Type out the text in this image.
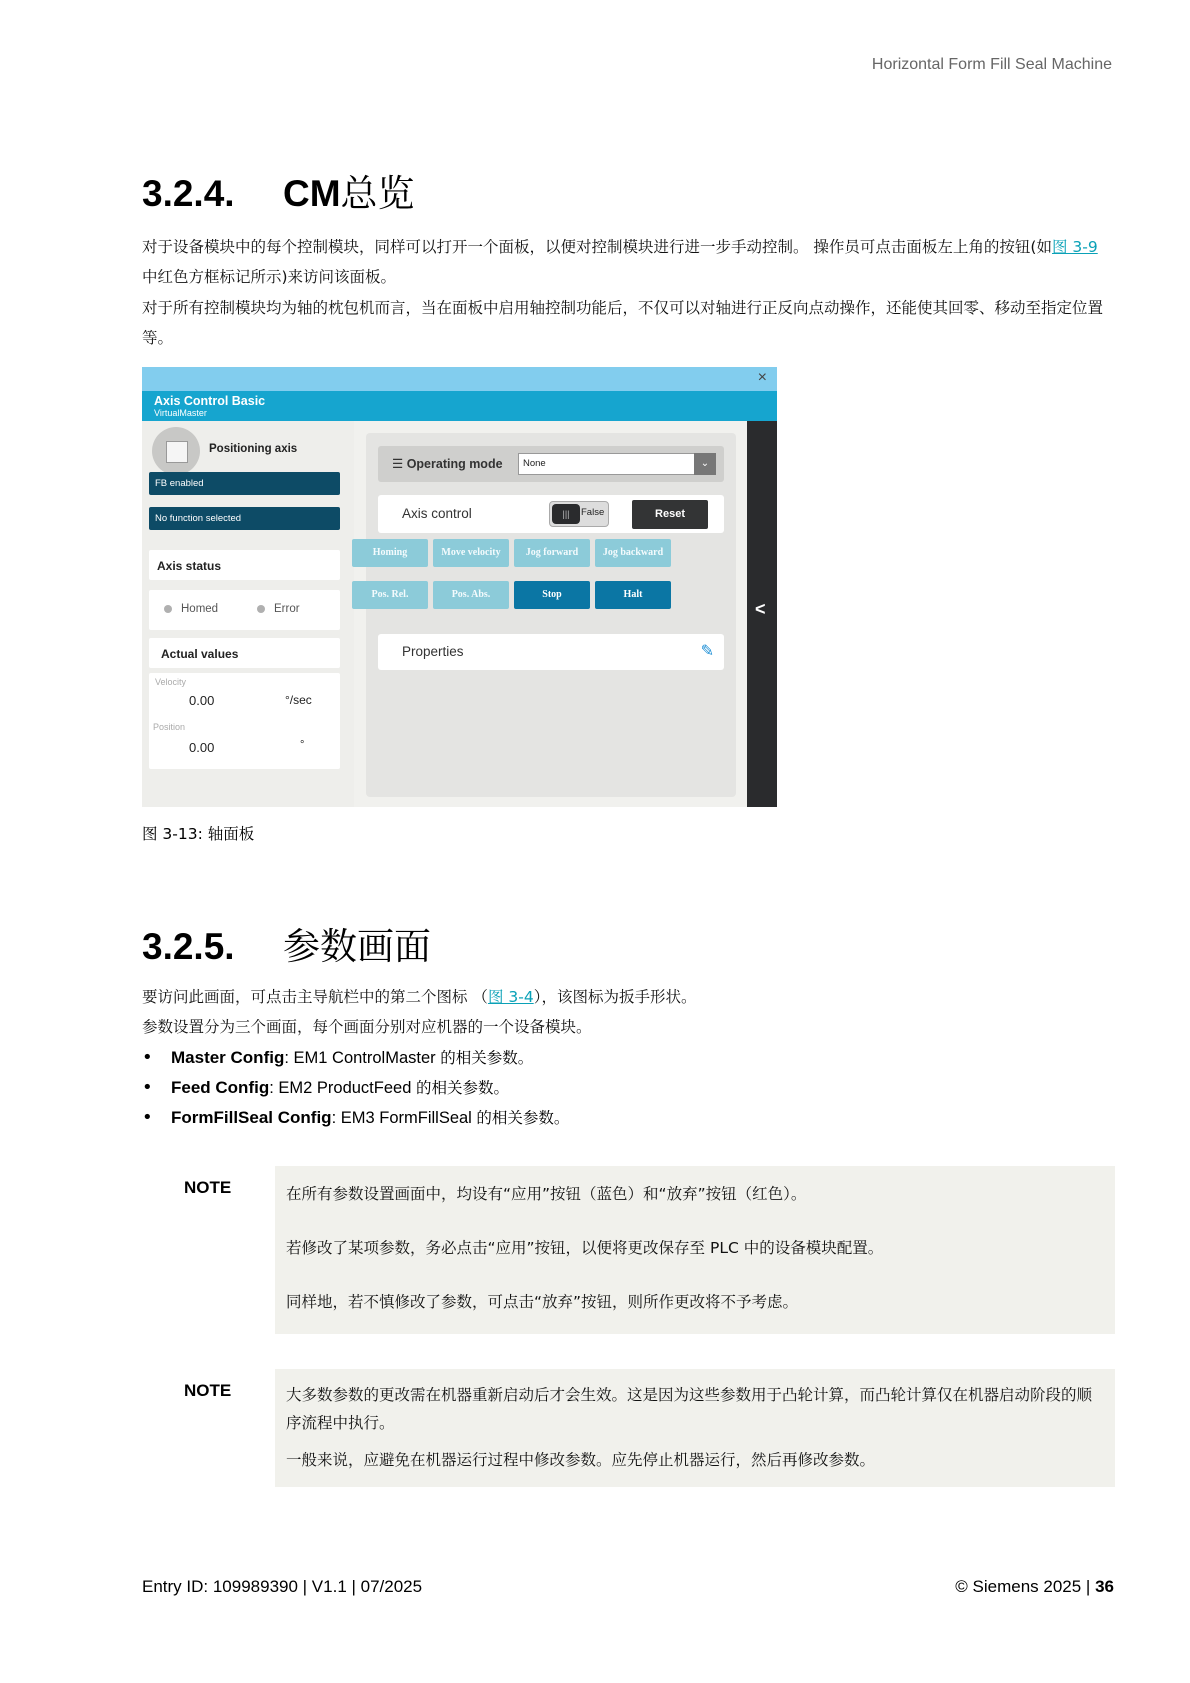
Horizontal Form Fill Seal Machine
3.2.4.	CM 总览
对于设备模块中的每个控制模块，同样可以打开一个面板，以便对控制模块进行进一步手动控制。 操作员可点击面板左上角的按钮(如图 3-9 中红色方框标记所示)来访问该面板。
对于所有控制模块均为轴的枕包机而言，当在面板中启用轴控制功能后，不仅可以对轴进行正反向点动操作，还能使其回零、移动至指定位置等。
×
Axis Control Basic
VirtualMaster
Positioning axis
FB enabled
No function selected
Axis status
Homed	Error
Actual values
Velocity
0.00	°/sec
Position
0.00	°
☰ Operating mode	None	⌄
Axis control	|||	False	Reset
Homing	Move velocity	Jog forward	Jog backward
Pos. Rel.	Pos. Abs.	Stop	Halt
Properties	✎
<
图 3-13: 轴面板
3.2.5.	参数画面
要访问此画面，可点击主导航栏中的第二个图标 （图 3-4），该图标为扳手形状。
参数设置分为三个画面，每个画面分别对应机器的一个设备模块。
• Master Config: EM1 ControlMaster 的相关参数。
• Feed Config: EM2 ProductFeed 的相关参数。
• FormFillSeal Config: EM3 FormFillSeal 的相关参数。
NOTE	在所有参数设置画面中，均设有“应用”按钮（蓝色）和“放弃”按钮（红色）。
若修改了某项参数，务必点击“应用”按钮，以便将更改保存至 PLC 中的设备模块配置。
同样地，若不慎修改了参数，可点击“放弃”按钮，则所作更改将不予考虑。
NOTE	大多数参数的更改需在机器重新启动后才会生效。这是因为这些参数用于凸轮计算，而凸轮计算仅在机器启动阶段的顺序流程中执行。
一般来说，应避免在机器运行过程中修改参数。应先停止机器运行，然后再修改参数。
Entry ID: 109989390 | V1.1 | 07/2025	© Siemens 2025 | 36
